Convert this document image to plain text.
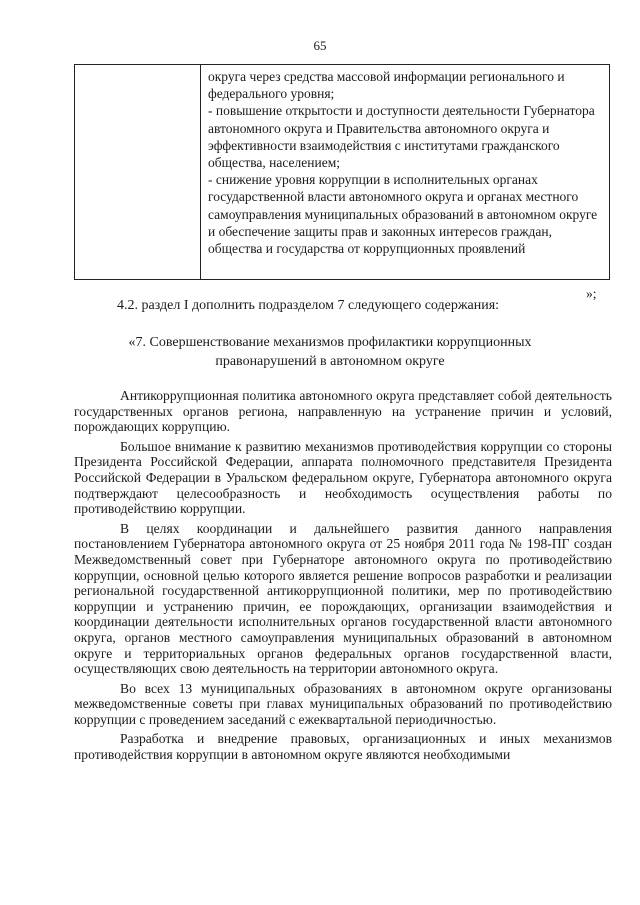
65

округа через средства массовой информации регионального и федерального уровня;

- повышение открытости и доступности деятельности Губернатора автономного округа и Правительства автономного округа и эффективности взаимодействия с институтами гражданского общества, населением;

- снижение уровня коррупции в исполнительных органах государственной власти автономного округа и органах местного самоуправления муниципальных образований в автономном округе и обеспечение защиты прав и законных интересов граждан, общества и государства от коррупционных проявлений

»;
4.2. раздел I дополнить подразделом 7 следующего содержания:
«7. Совершенствование механизмов профилактики коррупционных
правонарушений в автономном округе

Антикоррупционная политика автономного округа представляет собой деятельность государственных органов региона, направленную на устранение причин и условий, порождающих коррупцию.

Большое внимание к развитию механизмов противодействия коррупции со стороны Президента Российской Федерации, аппарата полномочного представителя Президента Российской Федерации в Уральском федеральном округе, Губернатора автономного округа подтверждают целесообразность и необходимость осуществления работы по противодействию коррупции.

В целях координации и дальнейшего развития данного направления постановлением Губернатора автономного округа от 25 ноября 2011 года № 198-ПГ создан Межведомственный совет при Губернаторе автономного округа по противодействию коррупции, основной целью которого является решение вопросов разработки и реализации региональной государственной антикоррупционной политики, мер по противодействию коррупции и устранению причин, ее порождающих, организации взаимодействия и координации деятельности исполнительных органов государственной власти автономного округа, органов местного самоуправления муниципальных образований в автономном округе и территориальных органов федеральных органов государственной власти, осуществляющих свою деятельность на территории автономного округа.

Во всех 13 муниципальных образованиях в автономном округе организованы межведомственные советы при главах муниципальных образований по противодействию коррупции с проведением заседаний с ежеквартальной периодичностью.

Разработка и внедрение правовых, организационных и иных механизмов противодействия коррупции в автономном округе являются необходимыми
